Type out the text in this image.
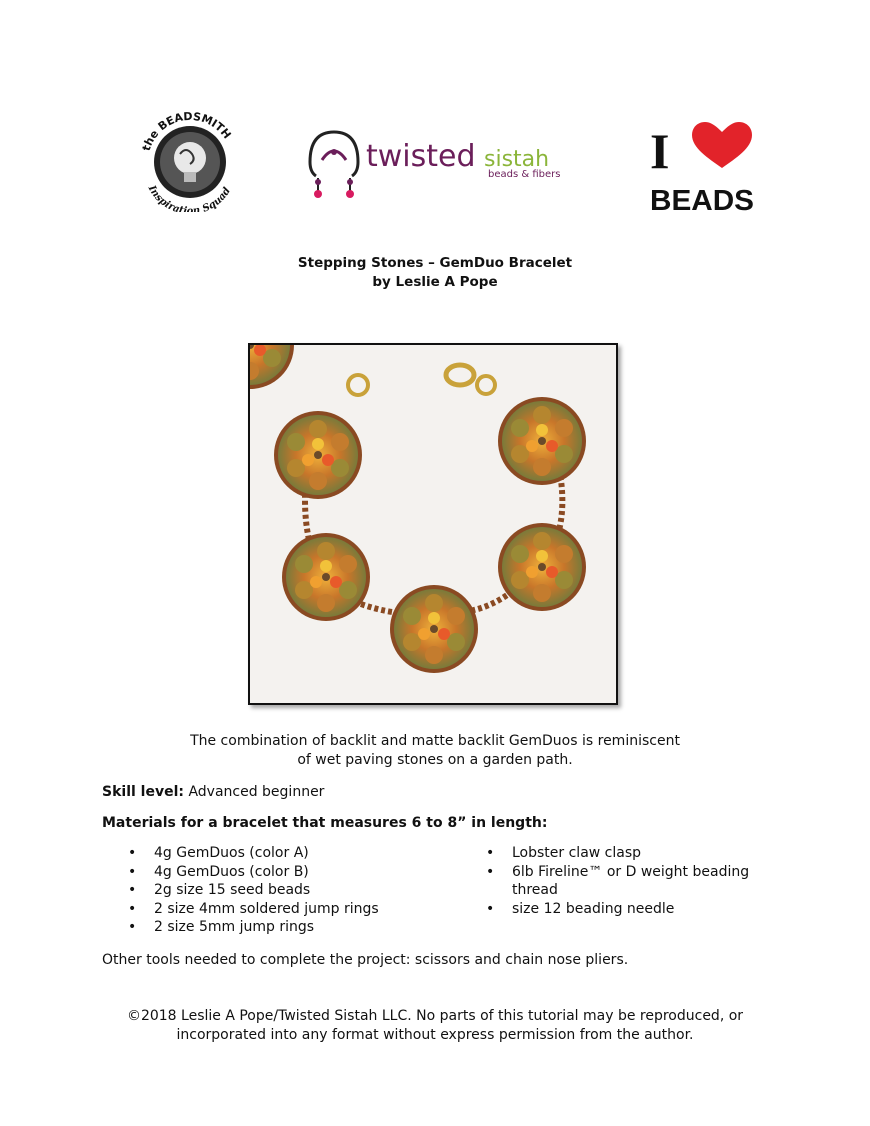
the BEADSMITH
Inspiration Squad
twisted sistah
beads & fibers I
BEADS
Stepping Stones – GemDuo Bracelet
by Leslie A Pope
The combination of backlit and matte backlit GemDuos is reminiscent
of wet paving stones on a garden path.
Skill level: Advanced beginner
Materials for a bracelet that measures 6 to 8” in length:
• 4g GemDuos (color A)
• 4g GemDuos (color B)
• 2g size 15 seed beads
• 2 size 4mm soldered jump rings
• 2 size 5mm jump rings
• Lobster claw clasp
• 6lb Fireline™ or D weight beading thread
• size 12 beading needle
Other tools needed to complete the project: scissors and chain nose pliers.
©2018 Leslie A Pope/Twisted Sistah LLC. No parts of this tutorial may be reproduced, or
incorporated into any format without express permission from the author.
